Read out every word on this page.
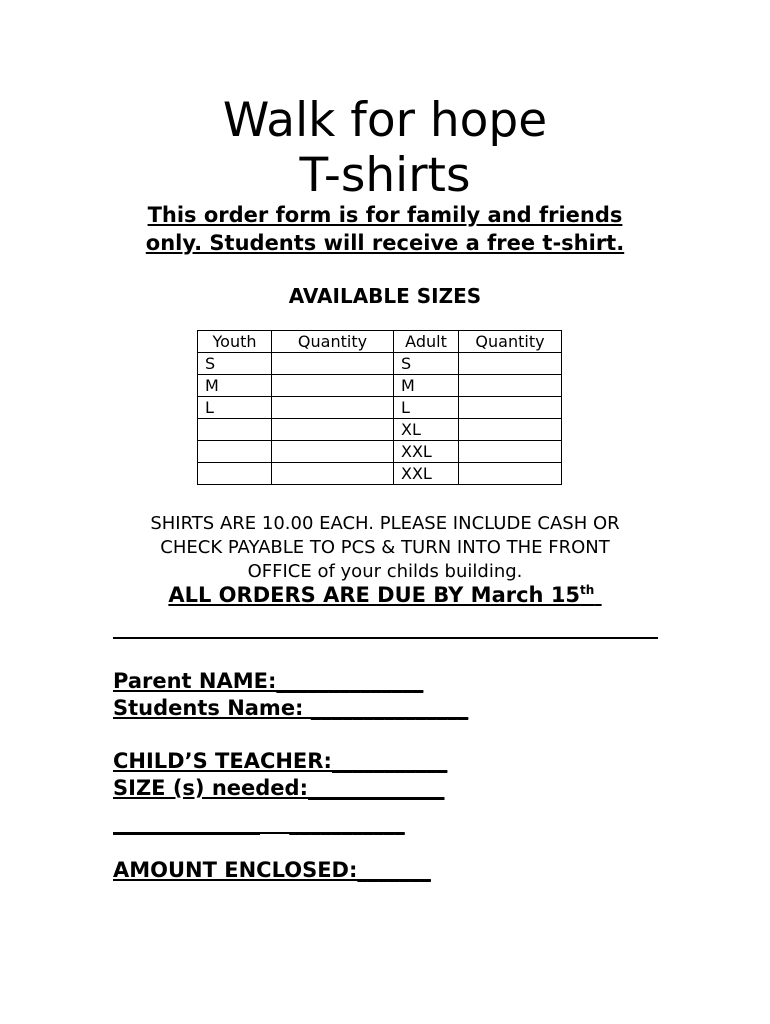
Walk for hope
T-shirts
This order form is for family and friends
only. Students will receive a free t-shirt.
AVAILABLE SIZES
Youth	Quantity	Adult	Quantity
S		S	
M		M	
L		L	
		XL	
		XXL	
		XXL	
SHIRTS ARE 10.00 EACH. PLEASE INCLUDE CASH OR
CHECK PAYABLE TO PCS & TURN INTO THE FRONT
OFFICE of your childs building.
ALL ORDERS ARE DUE BY March 15th
Parent NAME:______________
Students Name: _______________
CHILD’S TEACHER:___________
SIZE (s) needed:_____________
______________    ___________
AMOUNT ENCLOSED:_______
